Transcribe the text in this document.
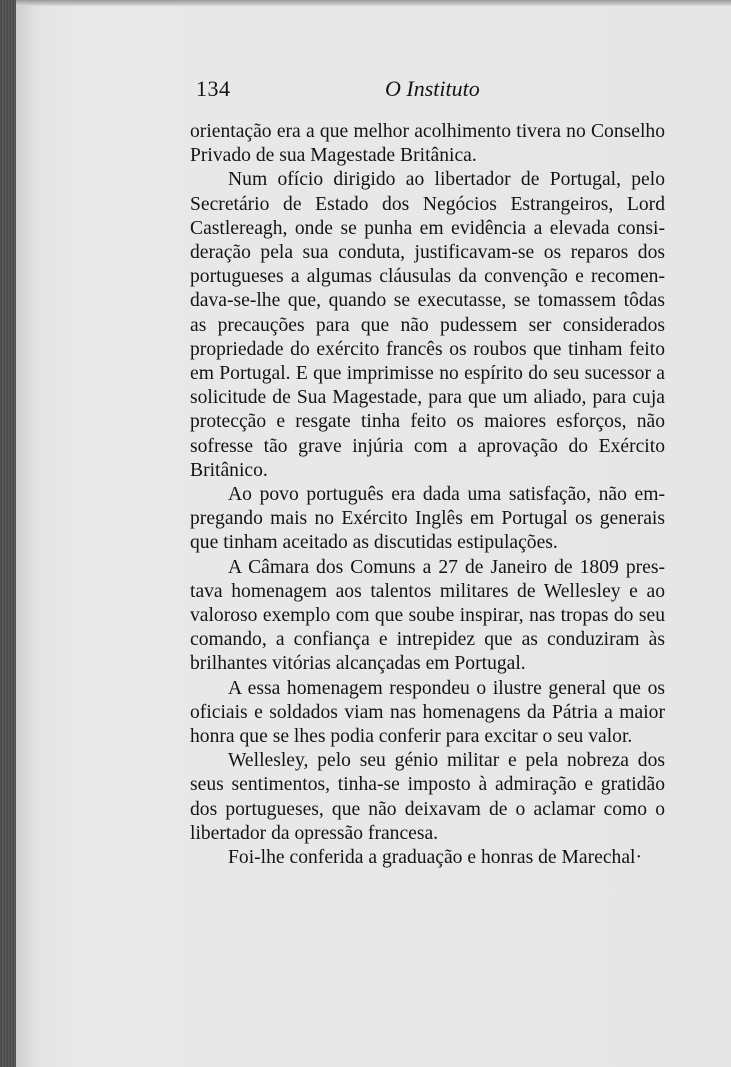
134	O Instituto

orientação era a que melhor acolhimento tivera no Conselho Privado de sua Magestade Britânica.

Num ofício dirigido ao libertador de Portugal, pelo Secretário de Estado dos Negócios Estrangeiros, Lord Castlereagh, onde se punha em evidência a elevada consideração pela sua conduta, justificavam-se os reparos dos portugueses a algumas cláusulas da convenção e recomendava-se-lhe que, quando se executasse, se tomassem tôdas as precauções para que não pudessem ser considerados propriedade do exército francês os roubos que tinham feito em Portugal. E que imprimisse no espírito do seu sucessor a solicitude de Sua Magestade, para que um aliado, para cuja protecção e resgate tinha feito os maiores esforços, não sofresse tão grave injúria com a aprovação do Exército Britânico.

Ao povo português era dada uma satisfação, não empregando mais no Exército Inglês em Portugal os generais que tinham aceitado as discutidas estipulações.

A Câmara dos Comuns a 27 de Janeiro de 1809 prestava homenagem aos talentos militares de Wellesley e ao valoroso exemplo com que soube inspirar, nas tropas do seu comando, a confiança e intrepidez que as conduziram às brilhantes vitórias alcançadas em Portugal.

A essa homenagem respondeu o ilustre general que os oficiais e soldados viam nas homenagens da Pátria a maior honra que se lhes podia conferir para excitar o seu valor.

Wellesley, pelo seu génio militar e pela nobreza dos seus sentimentos, tinha-se imposto à admiração e gratidão dos portugueses, que não deixavam de o aclamar como o libertador da opressão francesa.

Foi-lhe conferida a graduação e honras de Marechal·
